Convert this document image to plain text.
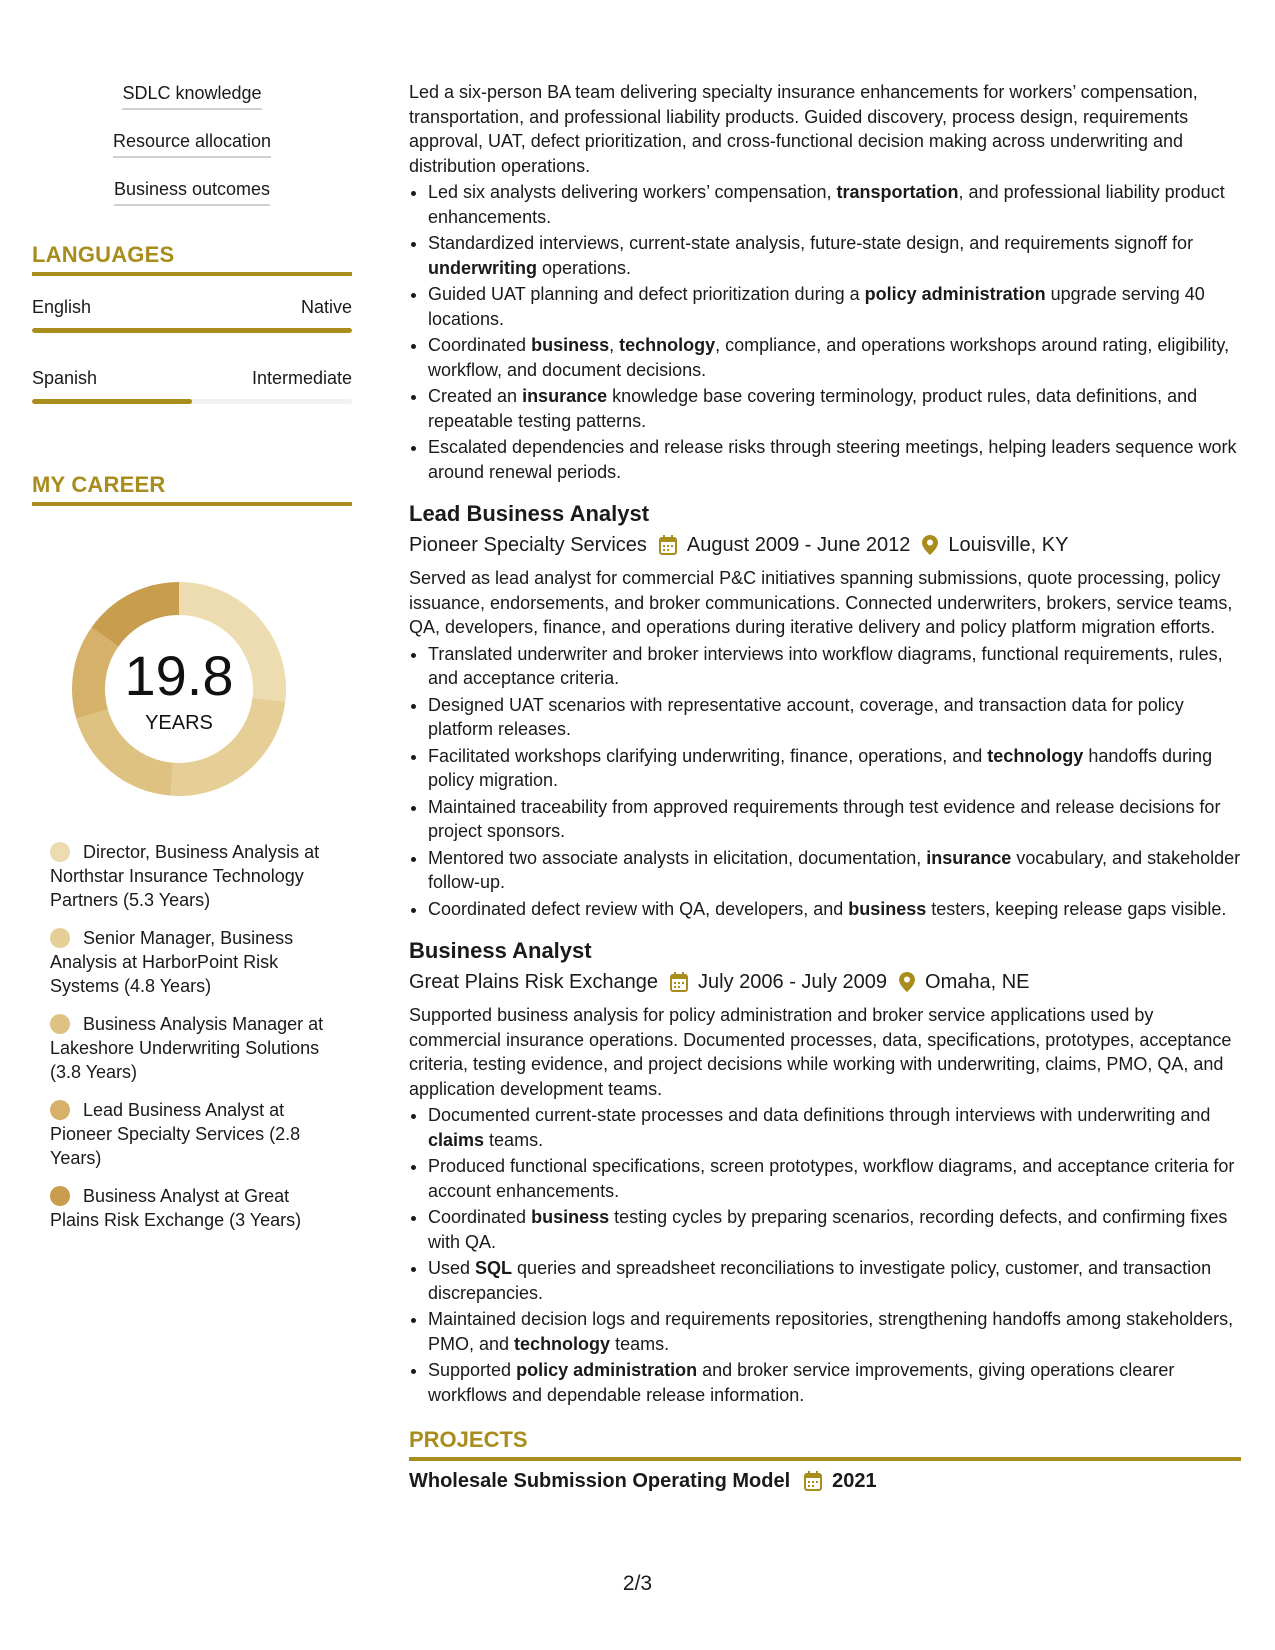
SDLC knowledge
Resource allocation
Business outcomes
LANGUAGES
English	Native
Spanish	Intermediate
MY CAREER
19.8
YEARS
Director, Business Analysis at Northstar Insurance Technology Partners (5.3 Years)
Senior Manager, Business Analysis at HarborPoint Risk Systems (4.8 Years)
Business Analysis Manager at Lakeshore Underwriting Solutions (3.8 Years)
Lead Business Analyst at Pioneer Specialty Services (2.8 Years)
Business Analyst at Great Plains Risk Exchange (3 Years)

Led a six-person BA team delivering specialty insurance enhancements for workers’ compensation, transportation, and professional liability products. Guided discovery, process design, requirements approval, UAT, defect prioritization, and cross-functional decision making across underwriting and distribution operations.

• Led six analysts delivering workers’ compensation, transportation, and professional liability product enhancements.
• Standardized interviews, current-state analysis, future-state design, and requirements signoff for underwriting operations.
• Guided UAT planning and defect prioritization during a policy administration upgrade serving 40 locations.
• Coordinated business, technology, compliance, and operations workshops around rating, eligibility, workflow, and document decisions.
• Created an insurance knowledge base covering terminology, product rules, data definitions, and repeatable testing patterns.
• Escalated dependencies and release risks through steering meetings, helping leaders sequence work around renewal periods.
Lead Business Analyst
Pioneer Specialty Services August 2009 - June 2012 Louisville, KY

Served as lead analyst for commercial P&C initiatives spanning submissions, quote processing, policy issuance, endorsements, and broker communications. Connected underwriters, brokers, service teams, QA, developers, finance, and operations during iterative delivery and policy platform migration efforts.

• Translated underwriter and broker interviews into workflow diagrams, functional requirements, rules, and acceptance criteria.
• Designed UAT scenarios with representative account, coverage, and transaction data for policy platform releases.
• Facilitated workshops clarifying underwriting, finance, operations, and technology handoffs during policy migration.
• Maintained traceability from approved requirements through test evidence and release decisions for project sponsors.
• Mentored two associate analysts in elicitation, documentation, insurance vocabulary, and stakeholder follow-up.
• Coordinated defect review with QA, developers, and business testers, keeping release gaps visible.
Business Analyst
Great Plains Risk Exchange July 2006 - July 2009 Omaha, NE

Supported business analysis for policy administration and broker service applications used by commercial insurance operations. Documented processes, data, specifications, prototypes, acceptance criteria, testing evidence, and project decisions while working with underwriting, claims, PMO, QA, and application development teams.

• Documented current-state processes and data definitions through interviews with underwriting and claims teams.
• Produced functional specifications, screen prototypes, workflow diagrams, and acceptance criteria for account enhancements.
• Coordinated business testing cycles by preparing scenarios, recording defects, and confirming fixes with QA.
• Used SQL queries and spreadsheet reconciliations to investigate policy, customer, and transaction discrepancies.
• Maintained decision logs and requirements repositories, strengthening handoffs among stakeholders, PMO, and technology teams.
• Supported policy administration and broker service improvements, giving operations clearer workflows and dependable release information.
PROJECTS
Wholesale Submission Operating Model 2021
2/3
